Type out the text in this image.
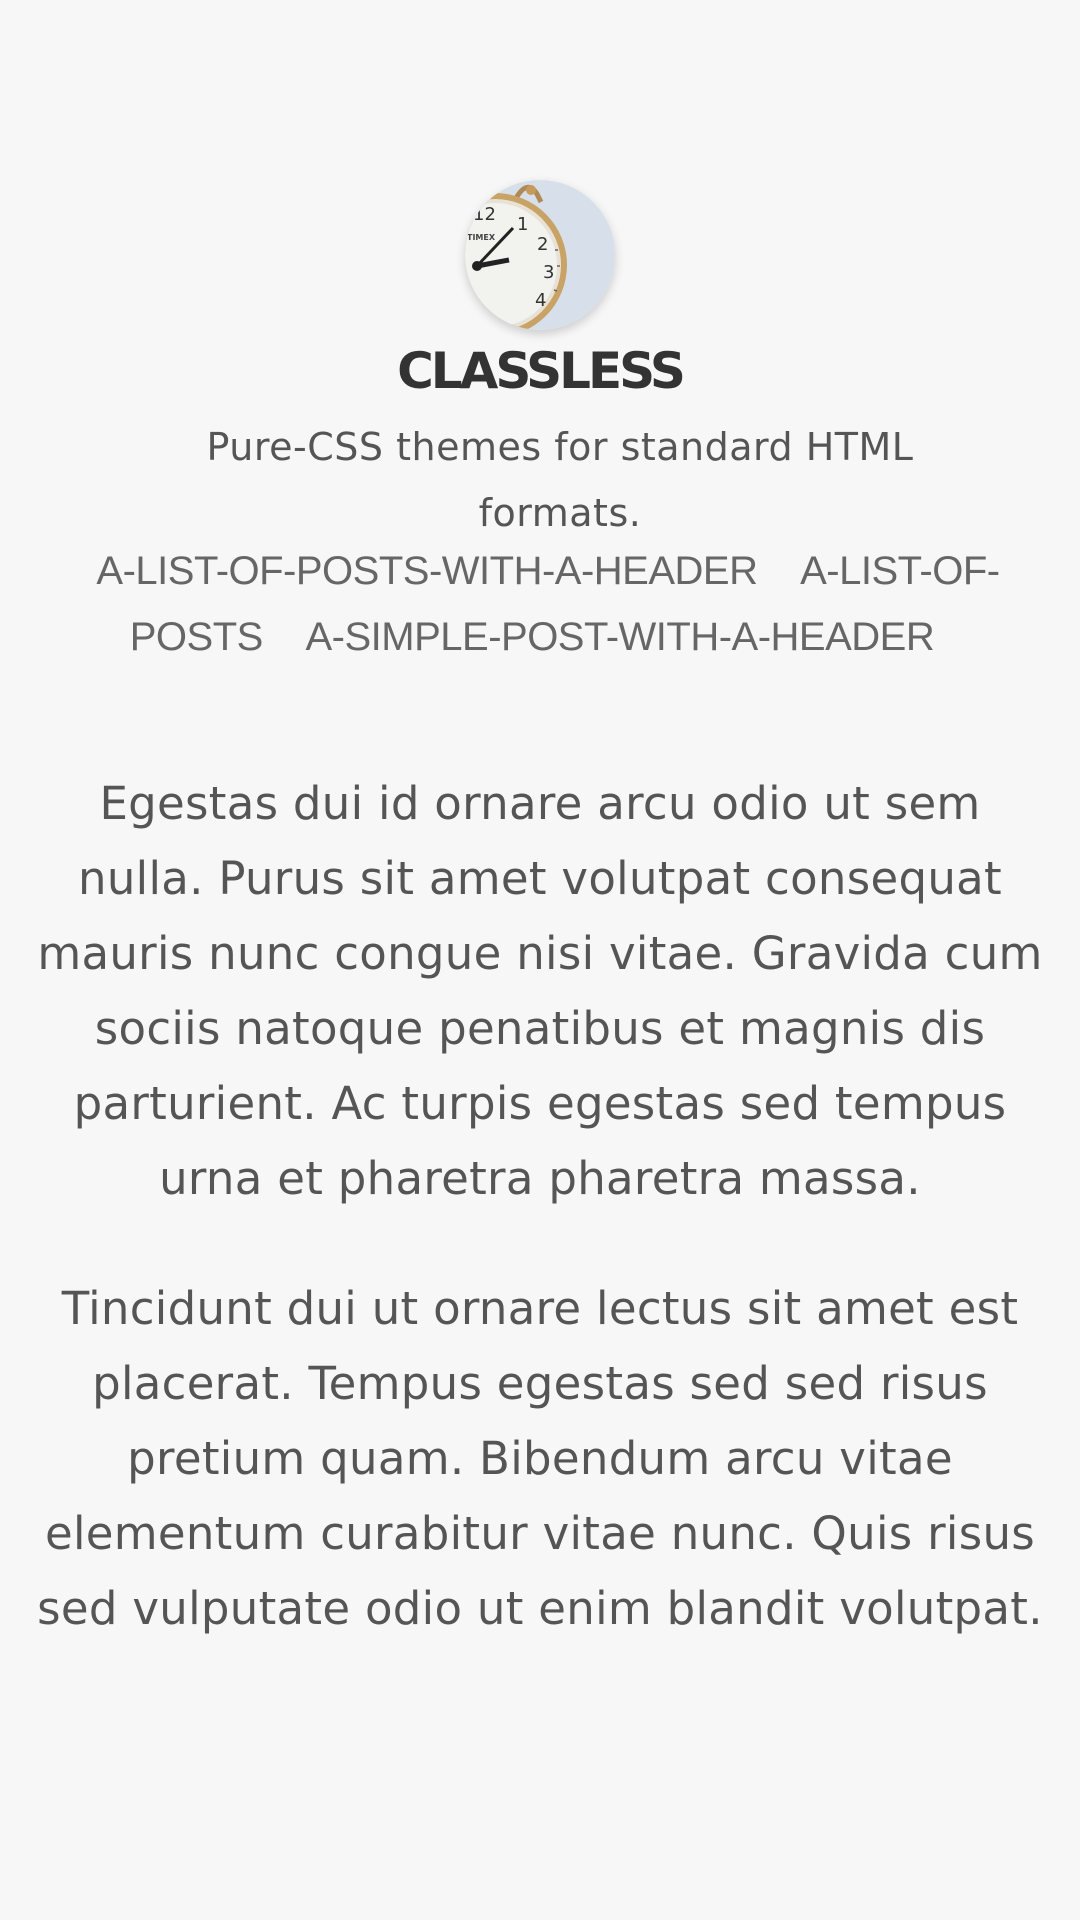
12 1
2
3
4
TIMEX
CLASSLESS

Pure-CSS themes for standard HTML formats.

A-LIST-OF-POSTS-WITH-A-HEADER A-LIST-OF-POSTS A-SIMPLE-POST-WITH-A-HEADER

Egestas dui id ornare arcu odio ut sem nulla. Purus sit amet volutpat consequat mauris nunc congue nisi vitae. Gravida cum sociis natoque penatibus et magnis dis parturient. Ac turpis egestas sed tempus urna et pharetra pharetra massa.

Tincidunt dui ut ornare lectus sit amet est placerat. Tempus egestas sed sed risus pretium quam. Bibendum arcu vitae elementum curabitur vitae nunc. Quis risus sed vulputate odio ut enim blandit volutpat.
